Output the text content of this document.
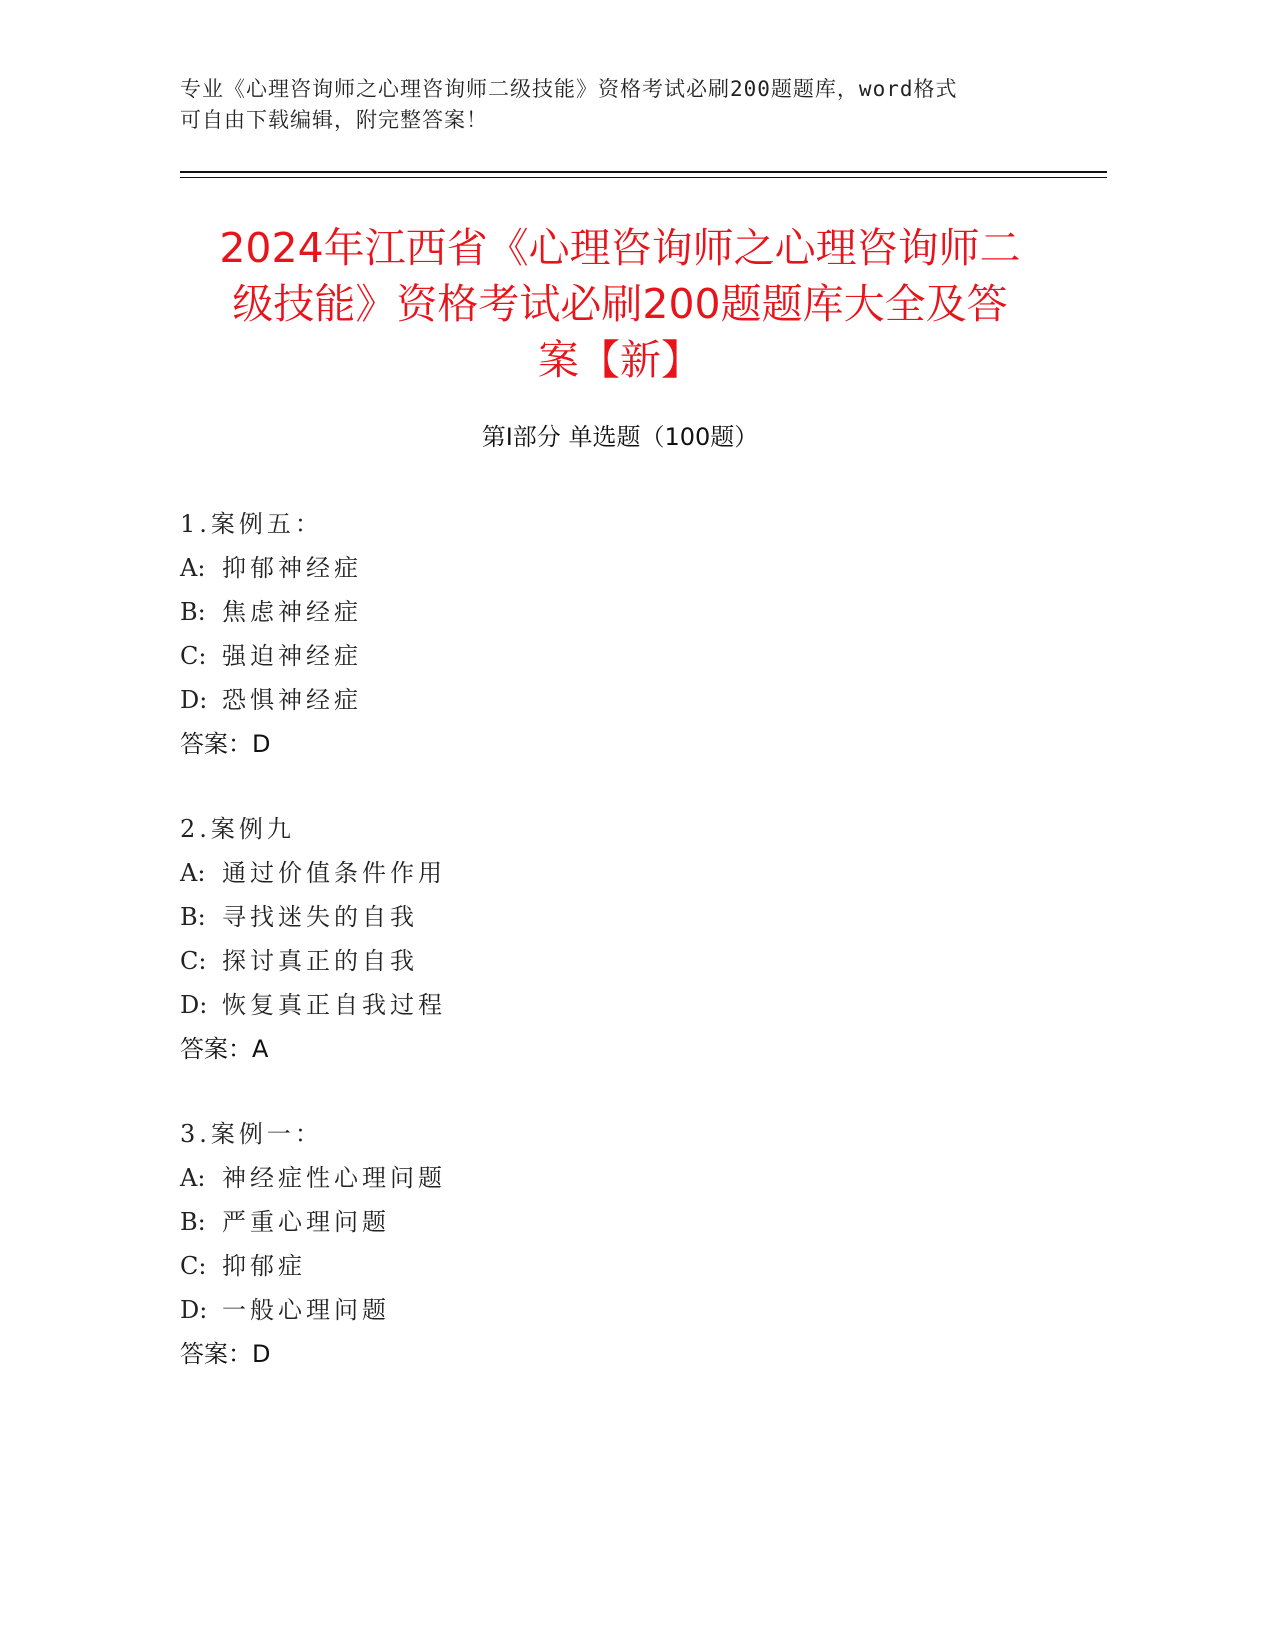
专业《心理咨询师之心理咨询师二级技能》资格考试必刷200题题库，word格式
可自由下载编辑，附完整答案！
2024年江西省《心理咨询师之心理咨询师二
级技能》资格考试必刷200题题库大全及答
案【新】
第Ⅰ部分 单选题（100题）
1.案例五：
A: 抑郁神经症
B: 焦虑神经症
C: 强迫神经症
D: 恐惧神经症
答案：D
2.案例九
A: 通过价值条件作用
B: 寻找迷失的自我
C: 探讨真正的自我
D: 恢复真正自我过程
答案：A
3.案例一：
A: 神经症性心理问题
B: 严重心理问题
C: 抑郁症
D: 一般心理问题
答案：D
